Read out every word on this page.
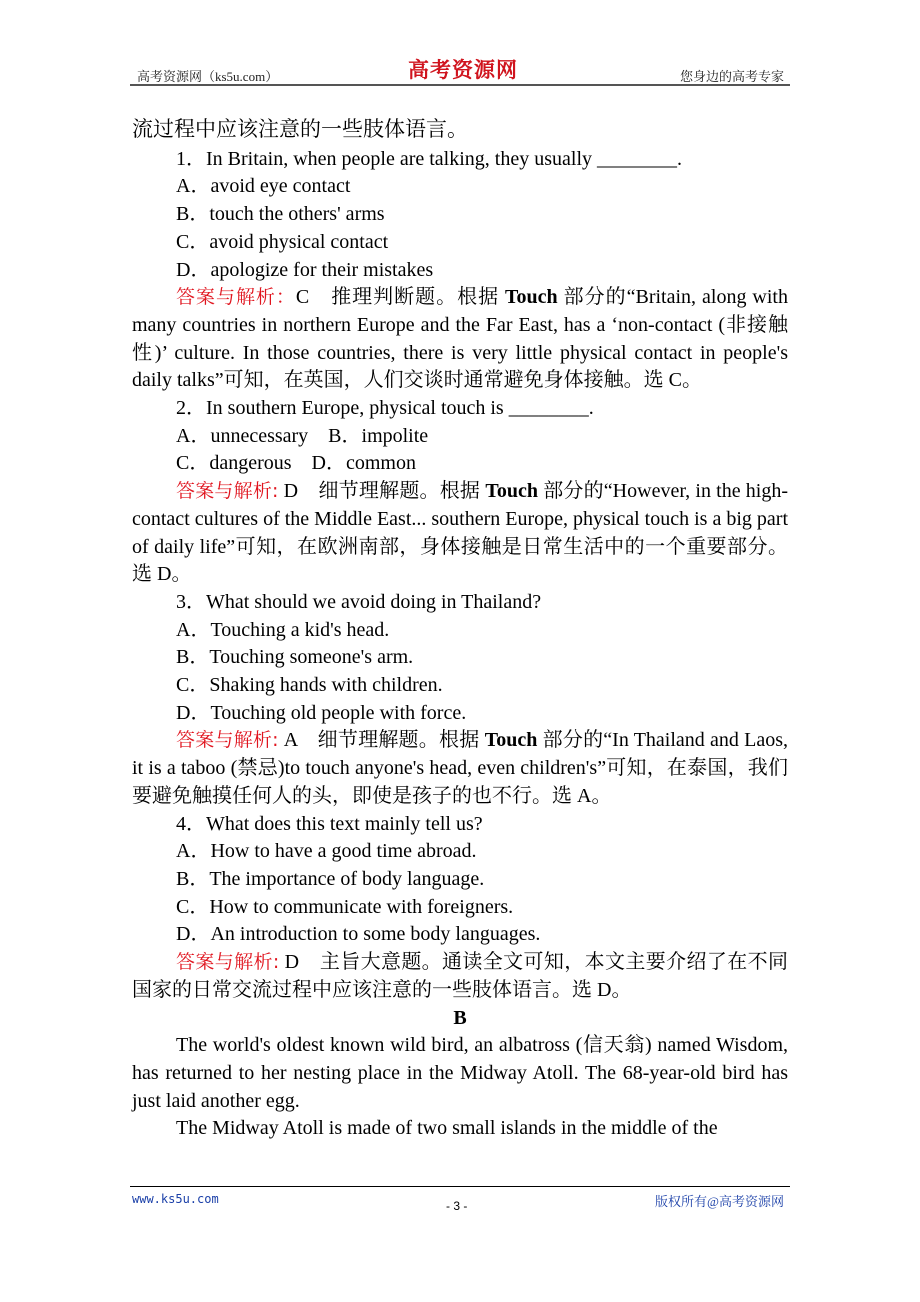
高考资源网（ks5u.com）	高考资源网	您身边的高考专家

流过程中应该注意的一些肢体语言。

1．In Britain, when people are talking, they usually ________.

A．avoid eye contact

B．touch the others' arms

C．avoid physical contact

D．apologize for their mistakes

答案与解析：C　推理判断题。根据 Touch 部分的“Britain, along with many countries in northern Europe and the Far East, has a ‘non-contact (非接触性)’ culture. In those countries, there is very little physical contact in people's daily talks”可知，在英国，人们交谈时通常避免身体接触。选 C。

2．In southern Europe, physical touch is ________.

A．unnecessary　B．impolite

C．dangerous　D．common

答案与解析: D　细节理解题。根据 Touch 部分的“However, in the high-contact cultures of the Middle East... southern Europe, physical touch is a big part of daily life”可知，在欧洲南部，身体接触是日常生活中的一个重要部分。选 D。

3．What should we avoid doing in Thailand?

A．Touching a kid's head.

B．Touching someone's arm.

C．Shaking hands with children.

D．Touching old people with force.

答案与解析: A　细节理解题。根据 Touch 部分的“In Thailand and Laos, it is a taboo (禁忌)to touch anyone's head, even children's”可知，在泰国，我们要避免触摸任何人的头，即使是孩子的也不行。选 A。

4．What does this text mainly tell us?

A．How to have a good time abroad.

B．The importance of body language.

C．How to communicate with foreigners.

D．An introduction to some body languages.

答案与解析: D　主旨大意题。通读全文可知，本文主要介绍了在不同国家的日常交流过程中应该注意的一些肢体语言。选 D。

B

The world's oldest known wild bird, an albatross (信天翁) named Wisdom, has returned to her nesting place in the Midway Atoll. The 68-year-old bird has just laid another egg.

The Midway Atoll is made of two small islands in the middle of the

www.ks5u.com	- 3 -	版权所有@高考资源网
